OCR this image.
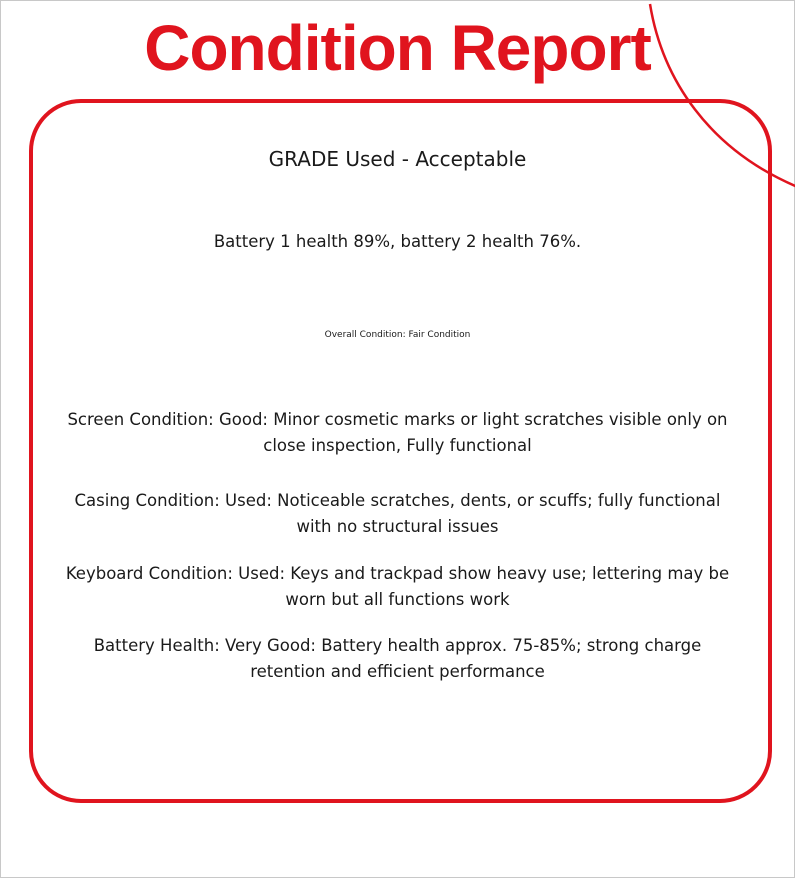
Condition Report
GRADE Used - Acceptable
Battery 1 health 89%, battery 2 health 76%.
Overall Condition: Fair Condition
Screen Condition: Good: Minor cosmetic marks or light scratches visible only on close inspection, Fully functional
Casing Condition: Used: Noticeable scratches, dents, or scuffs; fully functional with no structural issues
Keyboard Condition: Used: Keys and trackpad show heavy use; lettering may be worn but all functions work
Battery Health: Very Good: Battery health approx. 75-85%; strong charge retention and efficient performance
